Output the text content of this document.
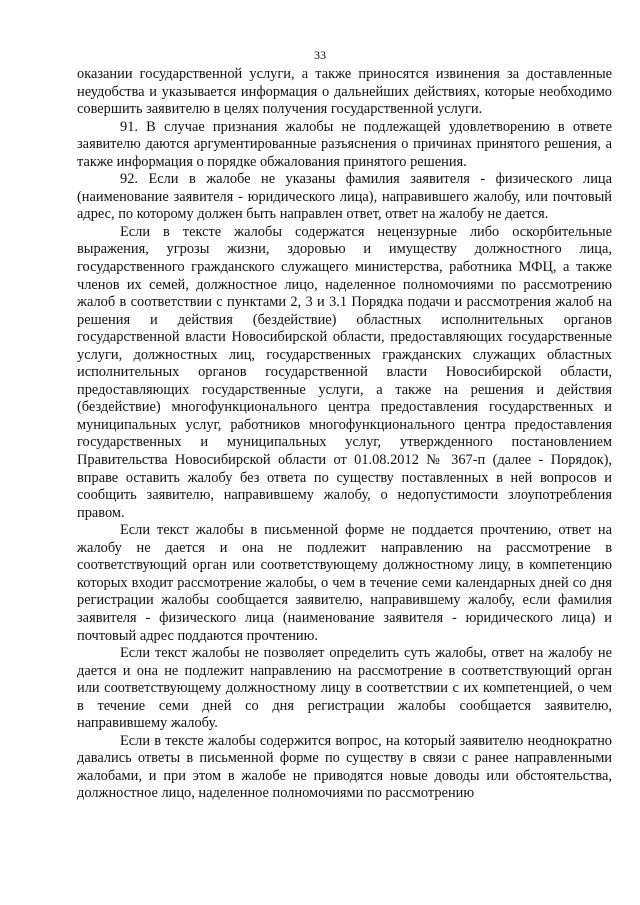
33

оказании государственной услуги, а также приносятся извинения за доставленные неудобства и указывается информация о дальнейших действиях, которые необходимо совершить заявителю в целях получения государственной услуги.

91. В случае признания жалобы не подлежащей удовлетворению в ответе заявителю даются аргументированные разъяснения о причинах принятого решения, а также информация о порядке обжалования принятого решения.

92. Если в жалобе не указаны фамилия заявителя - физического лица (наименование заявителя - юридического лица), направившего жалобу, или почтовый адрес, по которому должен быть направлен ответ, ответ на жалобу не дается.

Если в тексте жалобы содержатся нецензурные либо оскорбительные выражения, угрозы жизни, здоровью и имуществу должностного лица, государственного гражданского служащего министерства, работника МФЦ, а также членов их семей, должностное лицо, наделенное полномочиями по рассмотрению жалоб в соответствии с пунктами 2, 3 и 3.1 Порядка подачи и рассмотрения жалоб на решения и действия (бездействие) областных исполнительных органов государственной власти Новосибирской области, предоставляющих государственные услуги, должностных лиц, государственных гражданских служащих областных исполнительных органов государственной власти Новосибирской области, предоставляющих государственные услуги, а также на решения и действия (бездействие) многофункционального центра предоставления государственных и муниципальных услуг, работников многофункционального центра предоставления государственных и муниципальных услуг, утвержденного постановлением Правительства Новосибирской области от 01.08.2012 № 367-п (далее - Порядок), вправе оставить жалобу без ответа по существу поставленных в ней вопросов и сообщить заявителю, направившему жалобу, о недопустимости злоупотребления правом.

Если текст жалобы в письменной форме не поддается прочтению, ответ на жалобу не дается и она не подлежит направлению на рассмотрение в соответствующий орган или соответствующему должностному лицу, в компетенцию которых входит рассмотрение жалобы, о чем в течение семи календарных дней со дня регистрации жалобы сообщается заявителю, направившему жалобу, если фамилия заявителя - физического лица (наименование заявителя - юридического лица) и почтовый адрес поддаются прочтению.

Если текст жалобы не позволяет определить суть жалобы, ответ на жалобу не дается и она не подлежит направлению на рассмотрение в соответствующий орган или соответствующему должностному лицу в соответствии с их компетенцией, о чем в течение семи дней со дня регистрации жалобы сообщается заявителю, направившему жалобу.

Если в тексте жалобы содержится вопрос, на который заявителю неоднократно давались ответы в письменной форме по существу в связи с ранее направленными жалобами, и при этом в жалобе не приводятся новые доводы или обстоятельства, должностное лицо, наделенное полномочиями по рассмотрению
